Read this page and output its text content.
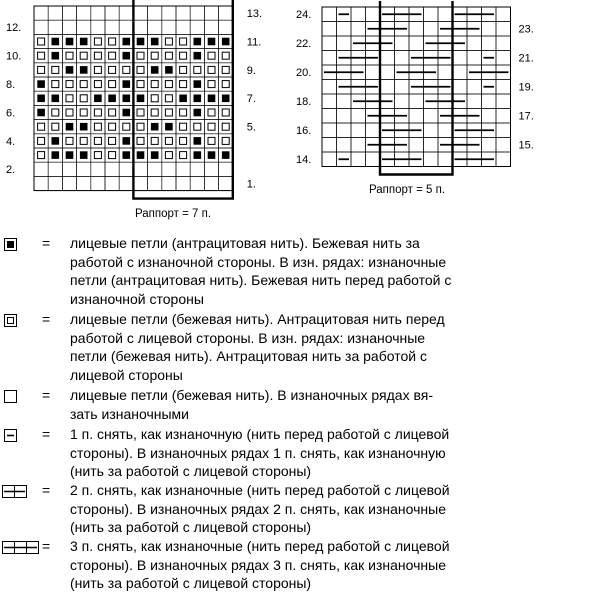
12.
10.
8.
6.
4.
2.
13.
11.
9.
7.
5.
1.
Раппорт = 7 п.
24.
22.
20.
18.
16.
14.
23.
21.
19.
17.
15.
Раппорт = 5 п.
= лицевые петли (антрацитовая нить). Бежевая нить за
работой с изнаночной стороны. В изн. рядах: изнаночные
петли (антрацитовая нить). Бежевая нить перед работой с
изнаночной стороны
= лицевые петли (бежевая нить). Антрацитовая нить перед
работой с лицевой стороны. В изн. рядах: изнаночные
петли (бежевая нить). Антрацитовая нить за работой с
лицевой стороны
= лицевые петли (бежевая нить). В изнаночных рядах вя-
зать изнаночными
= 1 п. снять, как изнаночную (нить перед работой с лицевой
стороны). В изнаночных рядах 1 п. снять, как изнаночную
(нить за работой с лицевой стороны)
= 2 п. снять, как изнаночные (нить перед работой с лицевой
стороны). В изнаночных рядах 2 п. снять, как изнаночные
(нить за работой с лицевой стороны)
= 3 п. снять, как изнаночные (нить перед работой с лицевой
стороны). В изнаночных рядах 3 п. снять, как изнаночные
(нить за работой с лицевой стороны)
